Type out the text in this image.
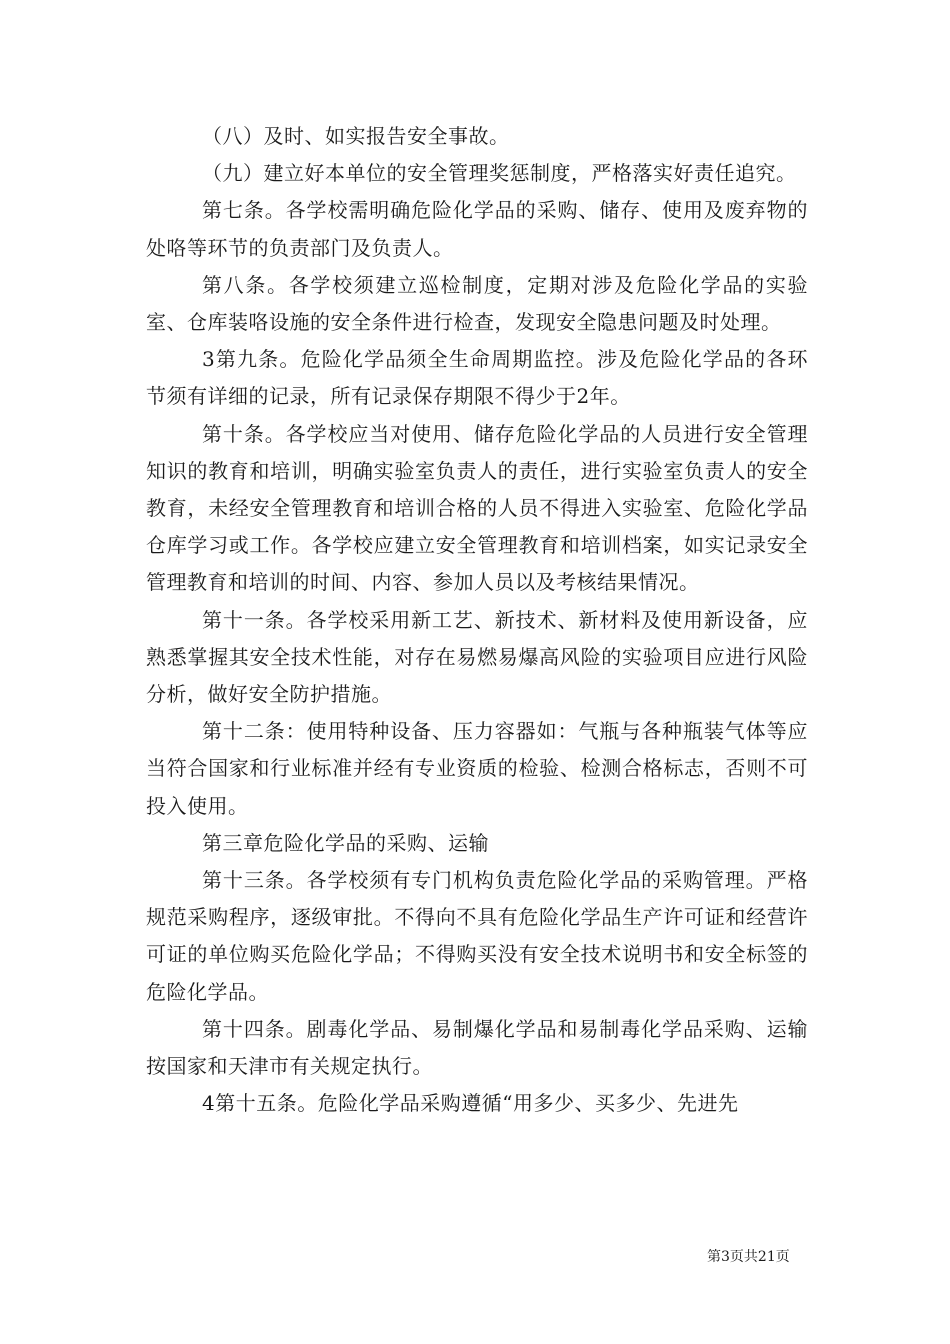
（八）及时、如实报告安全事故。

（九）建立好本单位的安全管理奖惩制度，严格落实好责任追究。

第七条。各学校需明确危险化学品的采购、储存、使用及废弃物的处咯等环节的负责部门及负责人。

第八条。各学校须建立巡检制度，定期对涉及危险化学品的实验室、仓库装咯设施的安全条件进行检查，发现安全隐患问题及时处理。

3第九条。危险化学品须全生命周期监控。涉及危险化学品的各环节须有详细的记录，所有记录保存期限不得少于2年。

第十条。各学校应当对使用、储存危险化学品的人员进行安全管理知识的教育和培训，明确实验室负责人的责任，进行实验室负责人的安全教育，未经安全管理教育和培训合格的人员不得进入实验室、危险化学品仓库学习或工作。各学校应建立安全管理教育和培训档案，如实记录安全管理教育和培训的时间、内容、参加人员以及考核结果情况。

第十一条。各学校采用新工艺、新技术、新材料及使用新设备，应熟悉掌握其安全技术性能，对存在易燃易爆高风险的实验项目应进行风险分析，做好安全防护措施。

第十二条：使用特种设备、压力容器如：气瓶与各种瓶装气体等应当符合国家和行业标准并经有专业资质的检验、检测合格标志，否则不可投入使用。

第三章危险化学品的采购、运输

第十三条。各学校须有专门机构负责危险化学品的采购管理。严格规范采购程序，逐级审批。不得向不具有危险化学品生产许可证和经营许可证的单位购买危险化学品；不得购买没有安全技术说明书和安全标签的危险化学品。

第十四条。剧毒化学品、易制爆化学品和易制毒化学品采购、运输按国家和天津市有关规定执行。

4第十五条。危险化学品采购遵循“用多少、买多少、先进先

第3页共21页
